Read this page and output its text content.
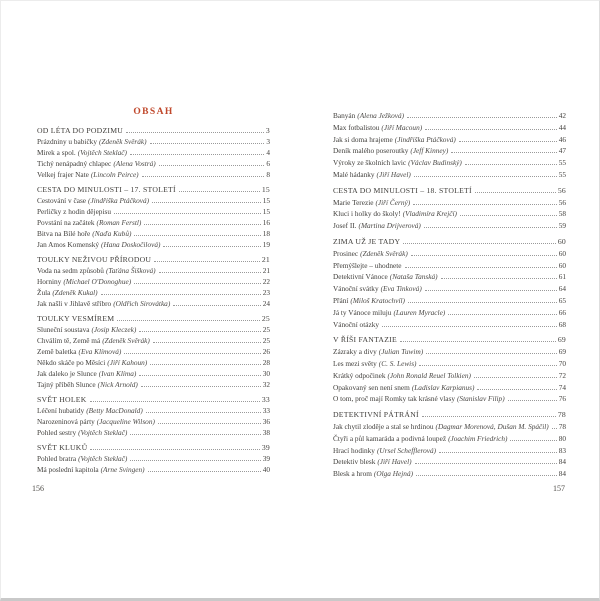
OBSAH
OD LÉTA DO PODZIMU	3
Prázdniny u babičky (Zdeněk Svěrák)	3
Mirek a spol. (Vojtěch Steklač)	4
Tichý nenápadný chlapec (Alena Vostrá)	6
Velkej frajer Nate (Lincoln Peirce)	8
CESTA DO MINULOSTI – 17. STOLETÍ	15
Cestování v čase (Jindřiška Ptáčková)	15
Perličky z hodin dějepisu	15
Povstání na začátek (Roman Ferstl)	16
Bitva na Bílé hoře (Naďa Kubů)	18
Jan Amos Komenský (Hana Doskočilová)	19
TOULKY NEŽIVOU PŘÍRODOU	21
Voda na sedm způsobů (Taťána Šišková)	21
Horniny (Michael O'Donoghue)	22
Žula (Zdeněk Kukal)	23
Jak našli v Jihlavě stříbro (Oldřich Sirovátka)	24
TOULKY VESMÍREM	25
Sluneční soustava (Josip Kleczek)	25
Chválím tě, Země má (Zdeněk Svěrák)	25
Země baletka (Eva Klímová)	26
Někdo skáče po Měsíci (Jiří Kahoun)	28
Jak daleko je Slunce (Ivan Klíma)	30
Tajný příběh Slunce (Nick Arnold)	32
SVĚT HOLEK	33
Léčení hubatidy (Betty MacDonald)	33
Narozeninová párty (Jacqueline Wilson)	36
Pohled sestry (Vojtěch Steklač)	38
SVĚT KLUKŮ	39
Pohled bratra (Vojtěch Steklač)	39
Má poslední kapitola (Arne Svingen)	40
Banyán (Alena Ježková)	42
Max fotbalistou (Jiří Macoun)	44
Jak si doma hrajeme (Jindřiška Ptáčková)	46
Deník malého poseroutky (Jeff Kinney)	47
Výroky ze školních lavic (Václav Budinský)	55
Malé hádanky (Jiří Havel)	55
CESTA DO MINULOSTI – 18. STOLETÍ	56
Marie Terezie (Jiří Černý)	56
Kluci i holky do školy! (Vladimíra Krejčí)	58
Josef II. (Martina Drijverová)	59
ZIMA UŽ JE TADY	60
Prosinec (Zdeněk Svěrák)	60
Přemýšlejte – uhodnete	60
Detektivní Vánoce (Nataša Tanská)	61
Vánoční svátky (Eva Tinková)	64
Přání (Miloš Kratochvíl)	65
Já ty Vánoce miluju (Lauren Myracle)	66
Vánoční otázky	68
V ŘÍŠI FANTAZIE	69
Zázraky a divy (Julian Tuwim)	69
Les mezi světy (C. S. Lewis)	70
Krátký odpočinek (John Ronald Reuel Tolkien)	72
Opakovaný sen není snem (Ladislav Karpianus)	74
O tom, proč mají Romky tak krásné vlasy (Stanislav Filip)	76
DETEKTIVNÍ PÁTRÁNÍ	78
Jak chytil zloděje a stal se hrdinou (Dagmar Morenová, Dušan M. Spáčil) 78
Čtyři a půl kamaráda a podivná loupež (Joachim Friedrich)	80
Hrací hodinky (Ursel Schefflerová)	83
Detektiv blesk (Jiří Havel)	84
Blesk a hrom (Olga Hejná)	84
156	157
